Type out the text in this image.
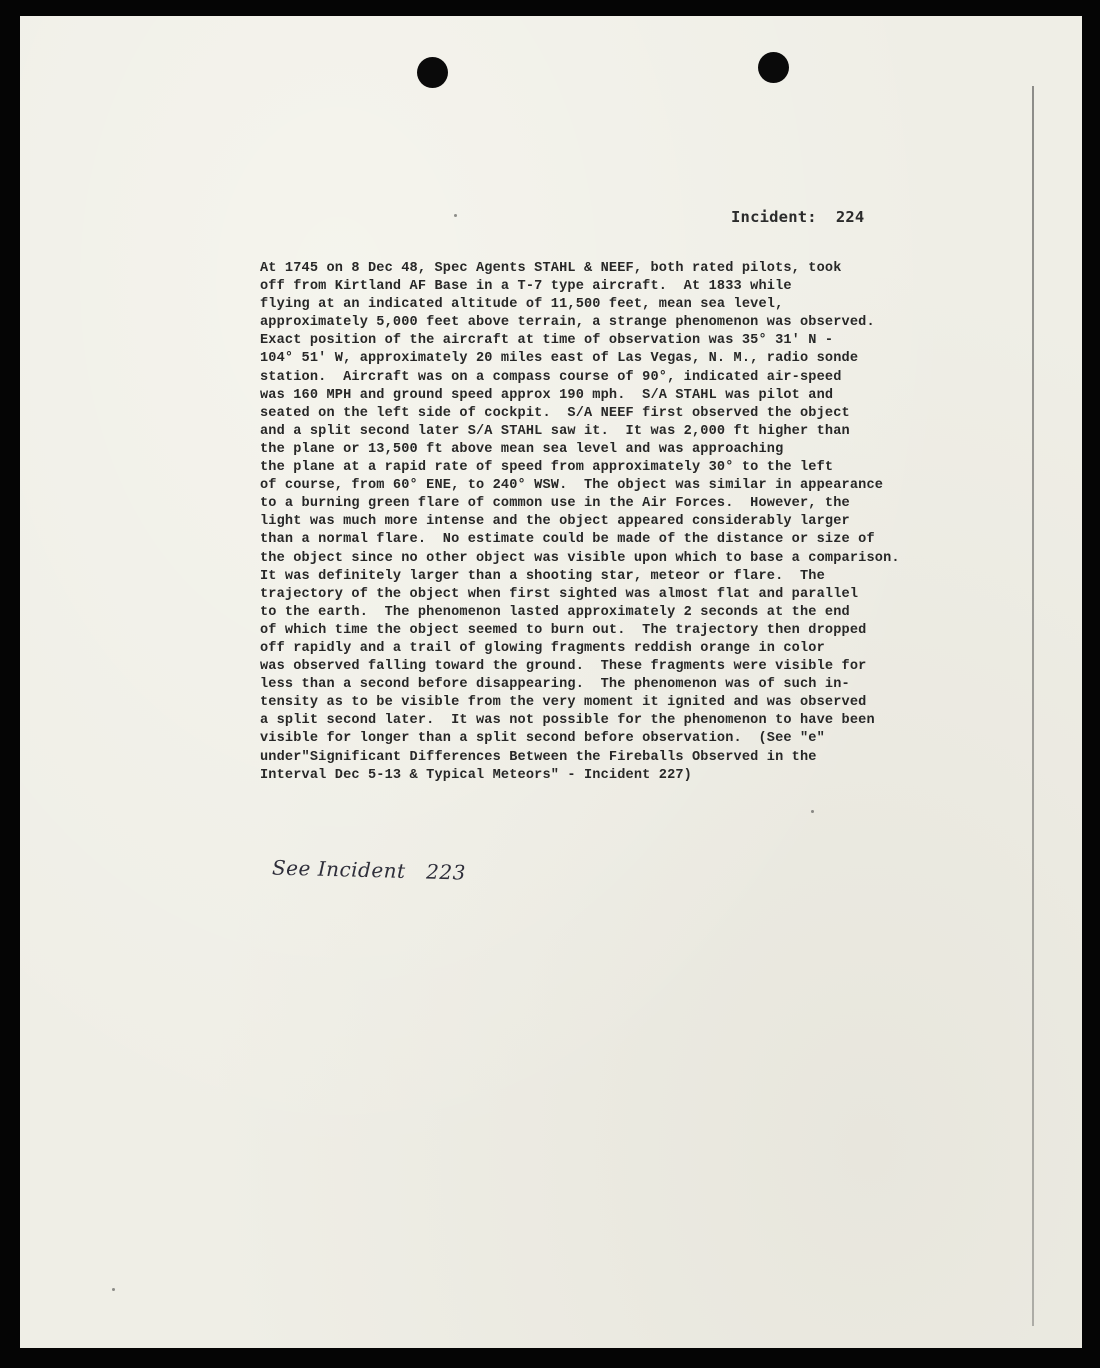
Incident:  224
At 1745 on 8 Dec 48, Spec Agents STAHL & NEEF, both rated pilots, took
off from Kirtland AF Base in a T-7 type aircraft.  At 1833 while
flying at an indicated altitude of 11,500 feet, mean sea level,
approximately 5,000 feet above terrain, a strange phenomenon was observed.
Exact position of the aircraft at time of observation was 35° 31' N -
104° 51' W, approximately 20 miles east of Las Vegas, N. M., radio sonde
station.  Aircraft was on a compass course of 90°, indicated air-speed
was 160 MPH and ground speed approx 190 mph.  S/A STAHL was pilot and
seated on the left side of cockpit.  S/A NEEF first observed the object
and a split second later S/A STAHL saw it.  It was 2,000 ft higher than
the plane or 13,500 ft above mean sea level and was approaching
the plane at a rapid rate of speed from approximately 30° to the left
of course, from 60° ENE, to 240° WSW.  The object was similar in appearance
to a burning green flare of common use in the Air Forces.  However, the
light was much more intense and the object appeared considerably larger
than a normal flare.  No estimate could be made of the distance or size of
the object since no other object was visible upon which to base a comparison.
It was definitely larger than a shooting star, meteor or flare.  The
trajectory of the object when first sighted was almost flat and parallel
to the earth.  The phenomenon lasted approximately 2 seconds at the end
of which time the object seemed to burn out.  The trajectory then dropped
off rapidly and a trail of glowing fragments reddish orange in color
was observed falling toward the ground.  These fragments were visible for
less than a second before disappearing.  The phenomenon was of such in-
tensity as to be visible from the very moment it ignited and was observed
a split second later.  It was not possible for the phenomenon to have been
visible for longer than a split second before observation.  (See "e"
under"Significant Differences Between the Fireballs Observed in the
Interval Dec 5-13 & Typical Meteors" - Incident 227)
See Incident   223
